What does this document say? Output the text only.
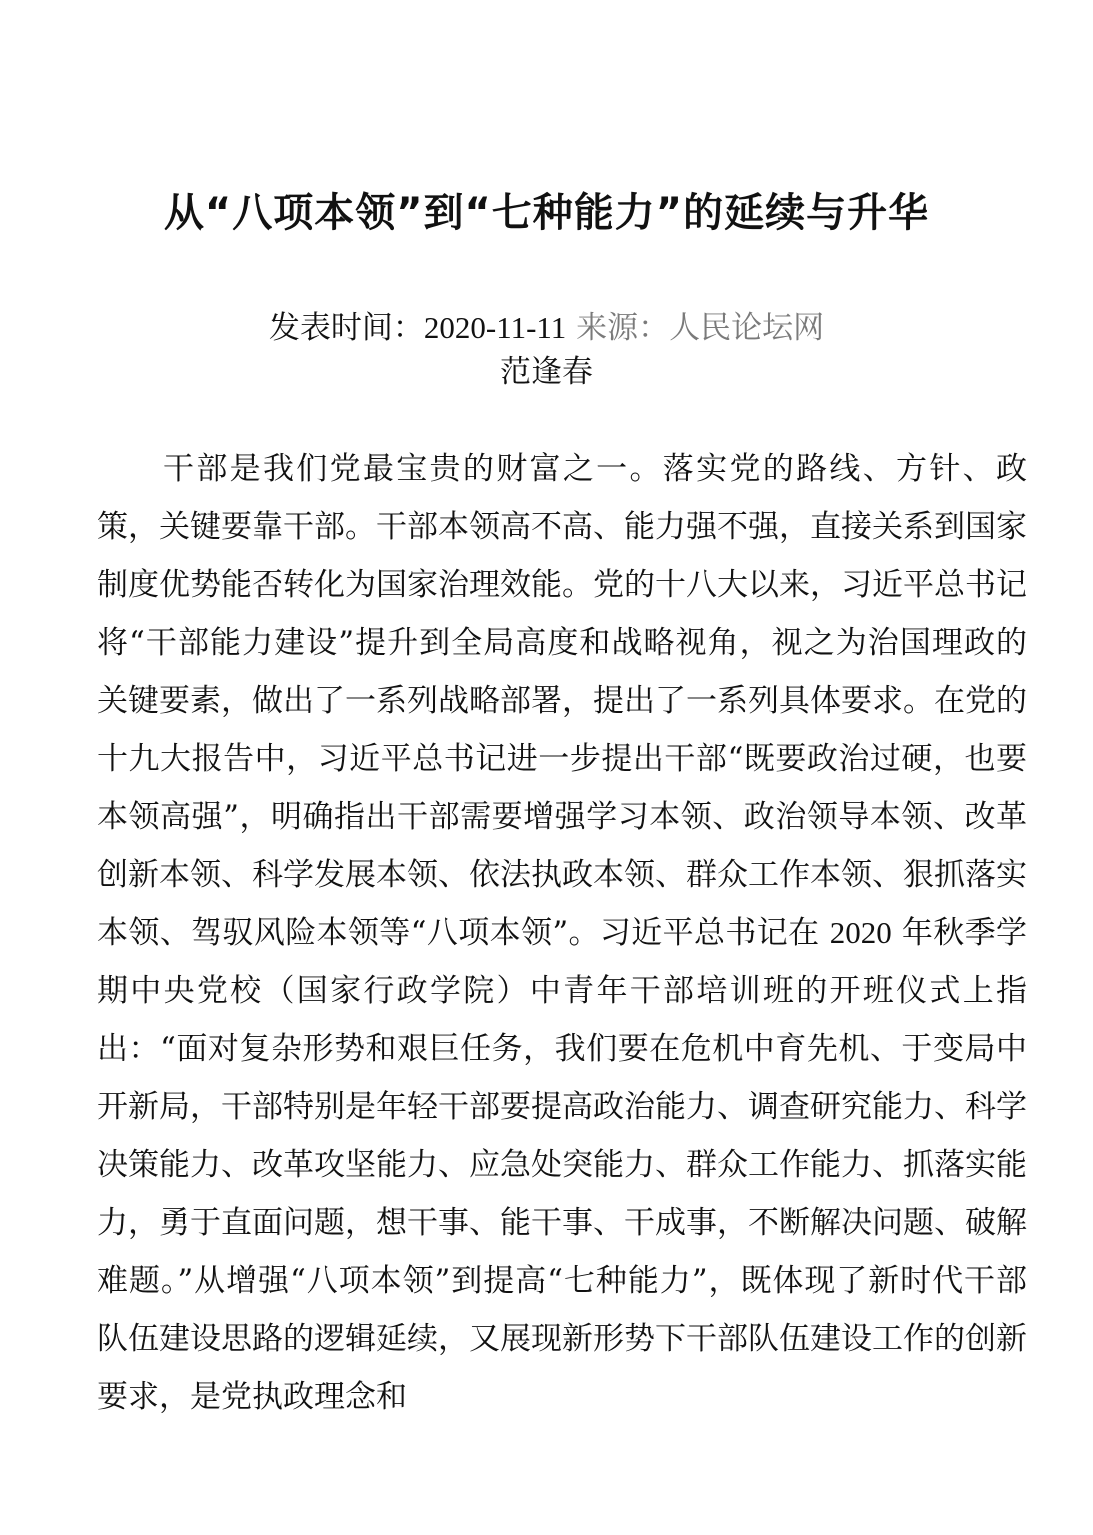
从“八项本领”到“七种能力”的延续与升华
发表时间：2020-11-11 来源：人民论坛网
范逢春

干部是我们党最宝贵的财富之一。落实党的路线、方针、政策，关键要靠干部。干部本领高不高、能力强不强，直接关系到国家制度优势能否转化为国家治理效能。党的十八大以来，习近平总书记将“干部能力建设”提升到全局高度和战略视角，视之为治国理政的关键要素，做出了一系列战略部署，提出了一系列具体要求。在党的十九大报告中，习近平总书记进一步提出干部“既要政治过硬，也要本领高强”，明确指出干部需要增强学习本领、政治领导本领、改革创新本领、科学发展本领、依法执政本领、群众工作本领、狠抓落实本领、驾驭风险本领等“八项本领”。习近平总书记在 2020 年秋季学期中央党校（国家行政学院）中青年干部培训班的开班仪式上指出：“面对复杂形势和艰巨任务，我们要在危机中育先机、于变局中开新局，干部特别是年轻干部要提高政治能力、调查研究能力、科学决策能力、改革攻坚能力、应急处突能力、群众工作能力、抓落实能力，勇于直面问题，想干事、能干事、干成事，不断解决问题、破解难题。”从增强“八项本领”到提高“七种能力”，既体现了新时代干部队伍建设思路的逻辑延续，又展现新形势下干部队伍建设工作的创新要求，是党执政理念和
